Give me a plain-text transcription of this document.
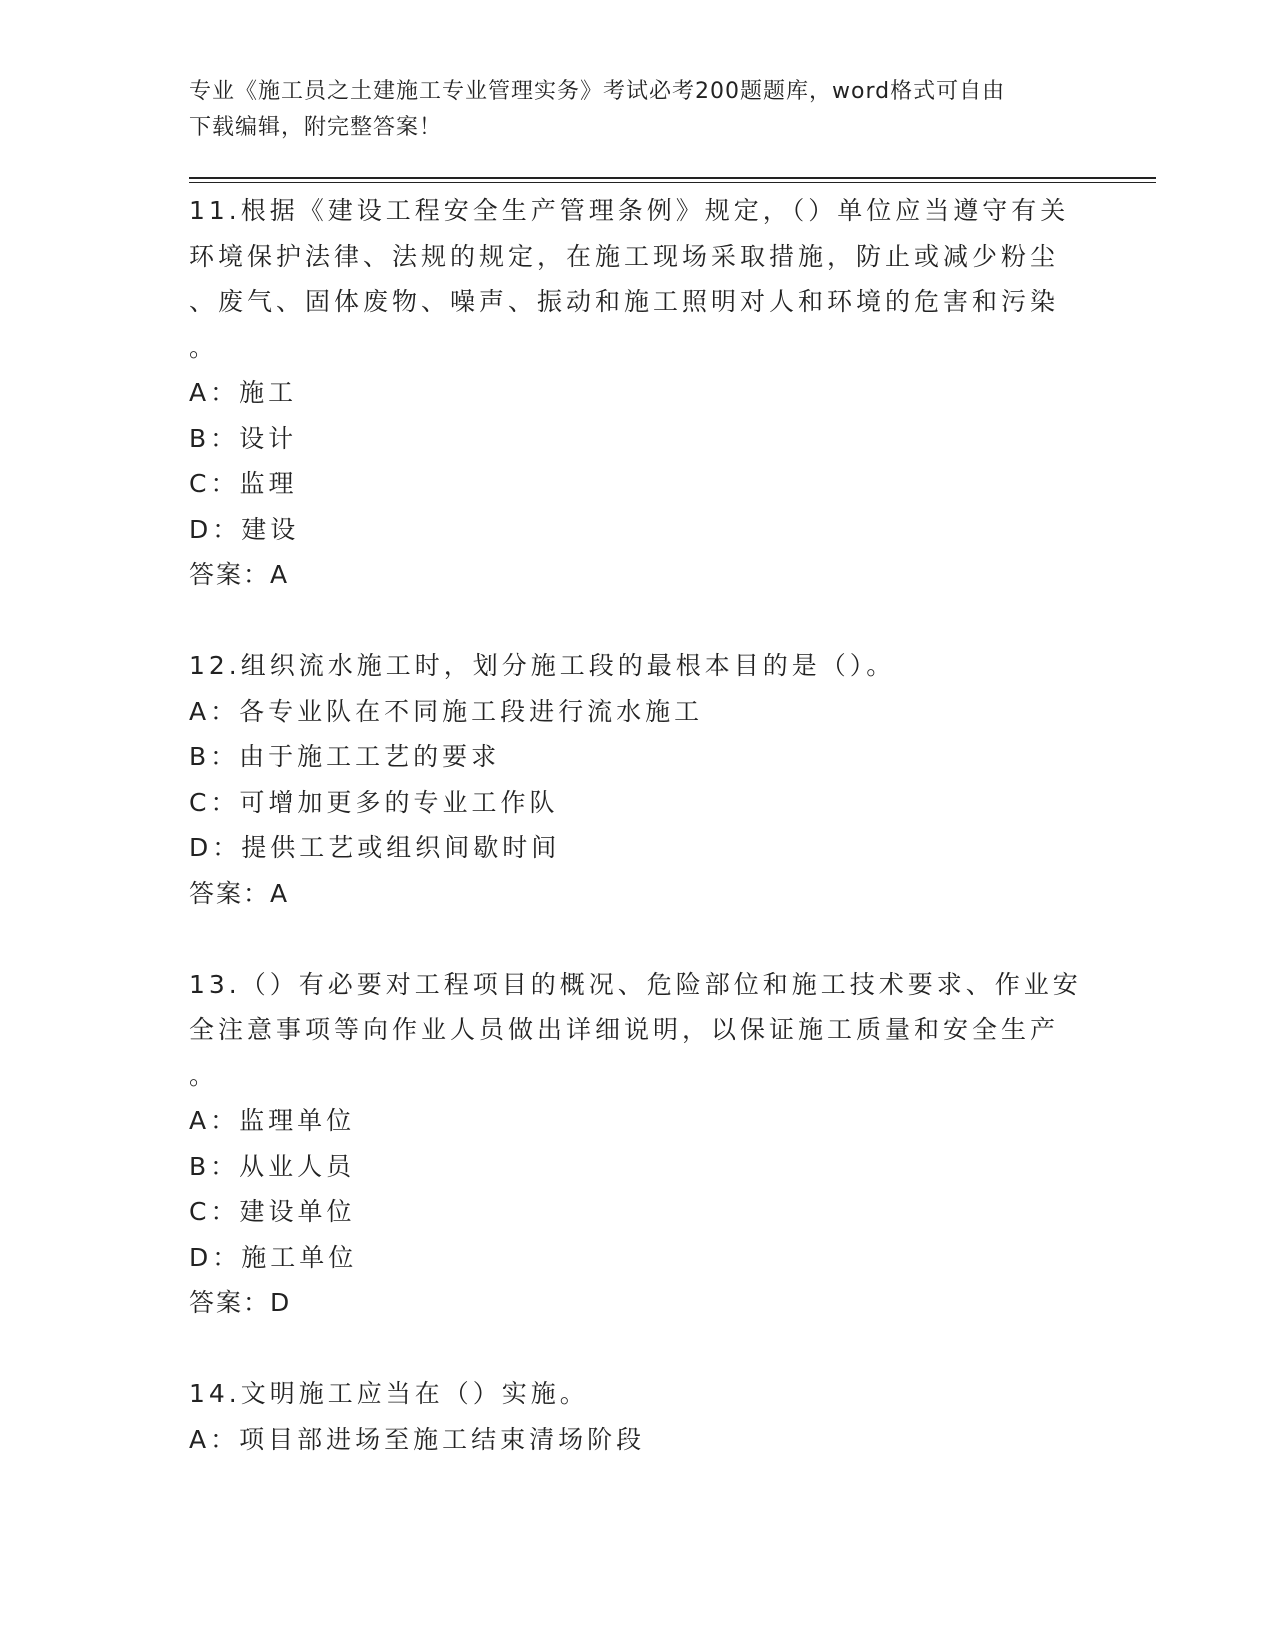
专业《施工员之土建施工专业管理实务》考试必考200题题库，word格式可自由
下载编辑，附完整答案！
11.根据《建设工程安全生产管理条例》规定，（）单位应当遵守有关
环境保护法律、法规的规定，在施工现场采取措施，防止或减少粉尘
、废气、固体废物、噪声、振动和施工照明对人和环境的危害和污染
。
A：施工
B：设计
C：监理
D：建设
答案：A
12.组织流水施工时，划分施工段的最根本目的是（）。
A：各专业队在不同施工段进行流水施工
B：由于施工工艺的要求
C：可增加更多的专业工作队
D：提供工艺或组织间歇时间
答案：A
13.（）有必要对工程项目的概况、危险部位和施工技术要求、作业安
全注意事项等向作业人员做出详细说明，以保证施工质量和安全生产
。
A：监理单位
B：从业人员
C：建设单位
D：施工单位
答案：D
14.文明施工应当在（）实施。
A：项目部进场至施工结束清场阶段
